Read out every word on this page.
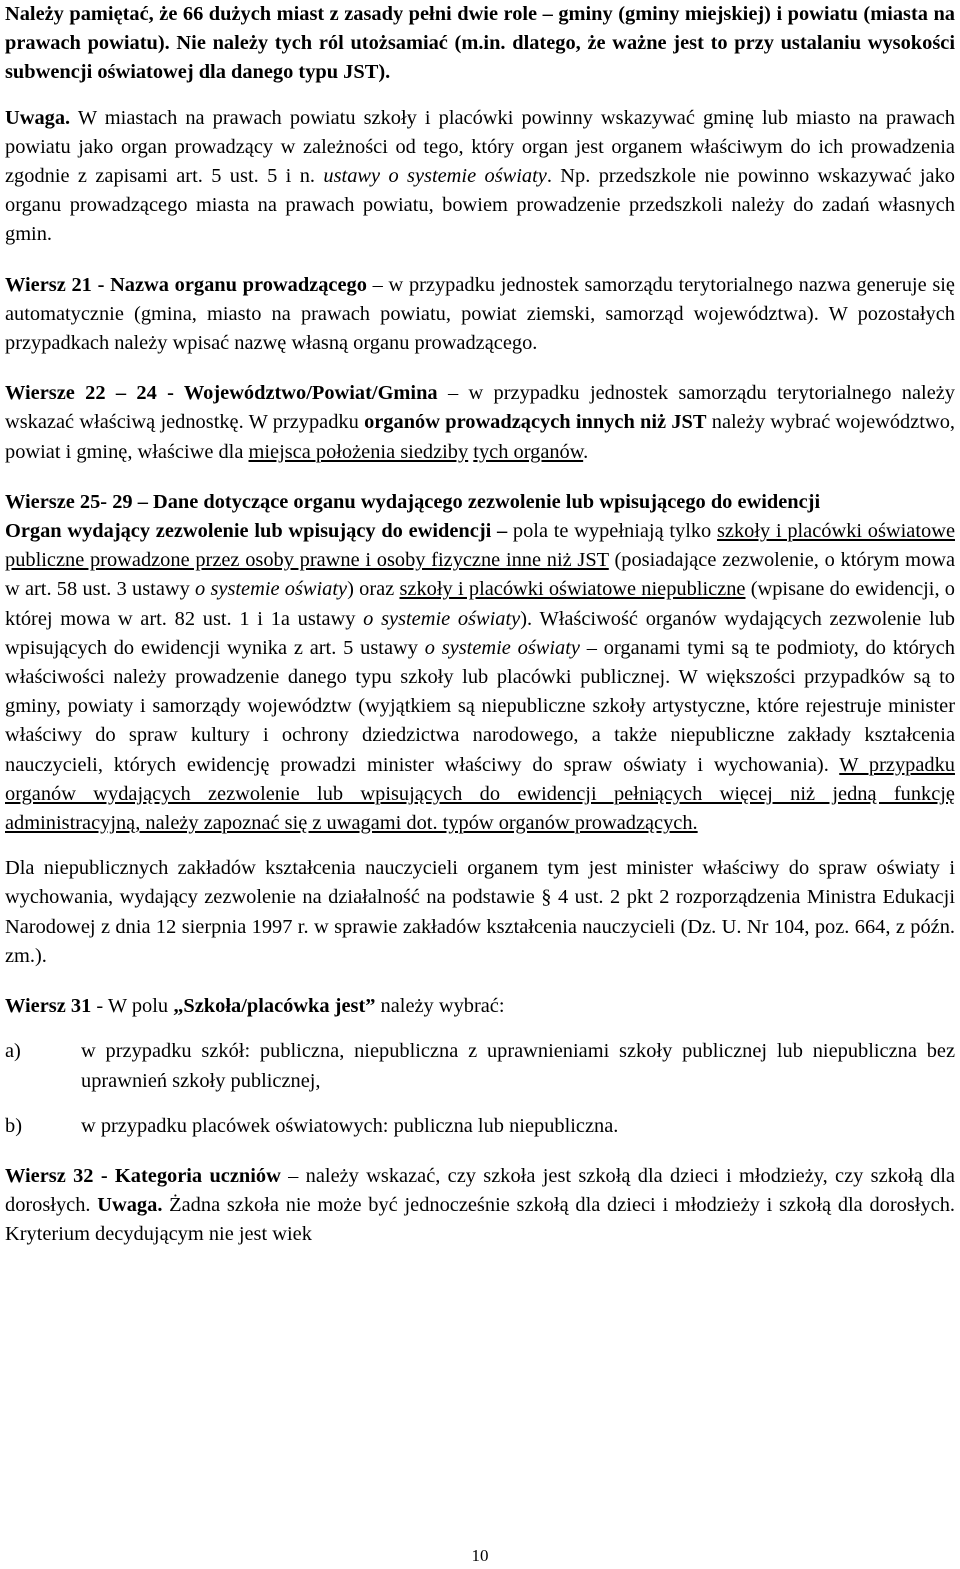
Należy pamiętać, że 66 dużych miast z zasady pełni dwie role – gminy (gminy miejskiej) i powiatu (miasta na prawach powiatu). Nie należy tych ról utożsamiać (m.in. dlatego, że ważne jest to przy ustalaniu wysokości subwencji oświatowej dla danego typu JST).

Uwaga. W miastach na prawach powiatu szkoły i placówki powinny wskazywać gminę lub miasto na prawach powiatu jako organ prowadzący w zależności od tego, który organ jest organem właściwym do ich prowadzenia zgodnie z zapisami art. 5 ust. 5 i n. ustawy o systemie oświaty. Np. przedszkole nie powinno wskazywać jako organu prowadzącego miasta na prawach powiatu, bowiem prowadzenie przedszkoli należy do zadań własnych gmin.

Wiersz 21 - Nazwa organu prowadzącego – w przypadku jednostek samorządu terytorialnego nazwa generuje się automatycznie (gmina, miasto na prawach powiatu, powiat ziemski, samorząd województwa). W pozostałych przypadkach należy wpisać nazwę własną organu prowadzącego.

Wiersze 22 – 24 - Województwo/Powiat/Gmina – w przypadku jednostek samorządu terytorialnego należy wskazać właściwą jednostkę. W przypadku organów prowadzących innych niż JST należy wybrać województwo, powiat i gminę, właściwe dla miejsca położenia siedziby tych organów.

Wiersze 25- 29 – Dane dotyczące organu wydającego zezwolenie lub wpisującego do ewidencji

Organ wydający zezwolenie lub wpisujący do ewidencji – pola te wypełniają tylko szkoły i placówki oświatowe publiczne prowadzone przez osoby prawne i osoby fizyczne inne niż JST (posiadające zezwolenie, o którym mowa w art. 58 ust. 3 ustawy o systemie oświaty) oraz szkoły i placówki oświatowe niepubliczne (wpisane do ewidencji, o której mowa w art. 82 ust. 1 i 1a ustawy o systemie oświaty). Właściwość organów wydających zezwolenie lub wpisujących do ewidencji wynika z art. 5 ustawy o systemie oświaty – organami tymi są te podmioty, do których właściwości należy prowadzenie danego typu szkoły lub placówki publicznej. W większości przypadków są to gminy, powiaty i samorządy województw (wyjątkiem są niepubliczne szkoły artystyczne, które rejestruje minister właściwy do spraw kultury i ochrony dziedzictwa narodowego, a także niepubliczne zakłady kształcenia nauczycieli, których ewidencję prowadzi minister właściwy do spraw oświaty i wychowania). W przypadku organów wydających zezwolenie lub wpisujących do ewidencji pełniących więcej niż jedną funkcję administracyjną, należy zapoznać się z uwagami dot. typów organów prowadzących.

Dla niepublicznych zakładów kształcenia nauczycieli organem tym jest minister właściwy do spraw oświaty i wychowania, wydający zezwolenie na działalność na podstawie § 4 ust. 2 pkt 2 rozporządzenia Ministra Edukacji Narodowej z dnia 12 sierpnia 1997 r. w sprawie zakładów kształcenia nauczycieli (Dz. U. Nr 104, poz. 664, z późn. zm.).

Wiersz 31 - W polu „Szkoła/placówka jest” należy wybrać:

a)	w przypadku szkół: publiczna, niepubliczna z uprawnieniami szkoły publicznej lub niepubliczna bez uprawnień szkoły publicznej,
b)	w przypadku placówek oświatowych: publiczna lub niepubliczna.

Wiersz 32 - Kategoria uczniów – należy wskazać, czy szkoła jest szkołą dla dzieci i młodzieży, czy szkołą dla dorosłych. Uwaga. Żadna szkoła nie może być jednocześnie szkołą dla dzieci i młodzieży i szkołą dla dorosłych. Kryterium decydującym nie jest wiek

10
